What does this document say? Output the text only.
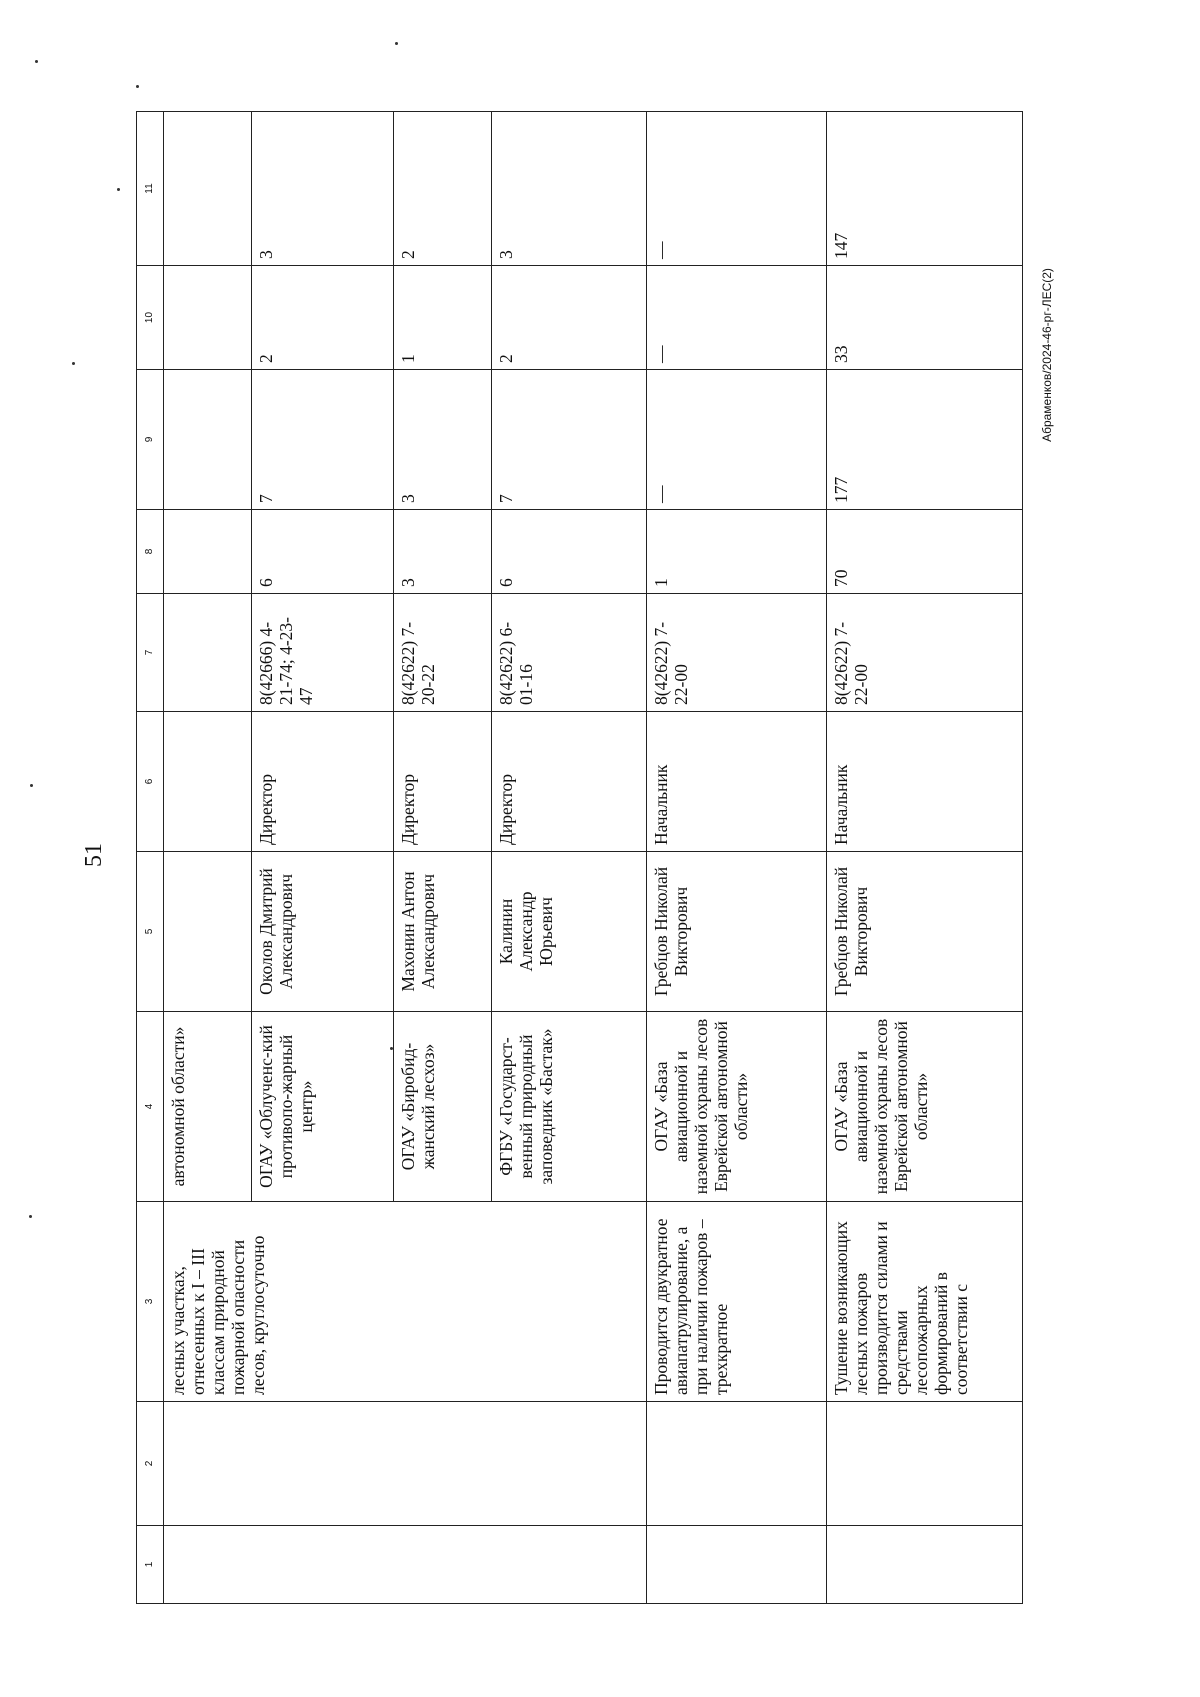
51
Абраменков/2024-46-рг-ЛЕС(2)
1	2	3	4	5	6	7	8	9	10	11
		лесных участках, отнесенных к I – III классам природной пожарной опасности лесов, круглосуточно	автономной области»							
			ОГАУ «Облученс-кий противопо-жарный центр»	Околов Дмитрий Александрович	Директор	8(42666) 4-21-74; 4-23-47	6	7	2	3
			ОГАУ «Биробид-жанский лесхоз»	Махонин Антон Александрович	Директор	8(42622) 7-20-22	3	3	1	2
			ФГБУ «Государст-венный природный заповедник «Бастак»	Калинин Александр Юрьевич	Директор	8(42622) 6-01-16	6	7	2	3
		Проводится двукратное авиапатрулирование, а при наличии пожаров – трехкратное	ОГАУ «База авиационной и наземной охраны лесов Еврейской автономной области»	Гребцов Николай Викторович	Начальник	8(42622) 7-22-00	1	—	—	—
		Тушение возникающих лесных пожаров производится силами и средствами лесопожарных формирований в соответствии с	ОГАУ «База авиационной и наземной охраны лесов Еврейской автономной области»	Гребцов Николай Викторович	Начальник	8(42622) 7-22-00	70	177	33	147
